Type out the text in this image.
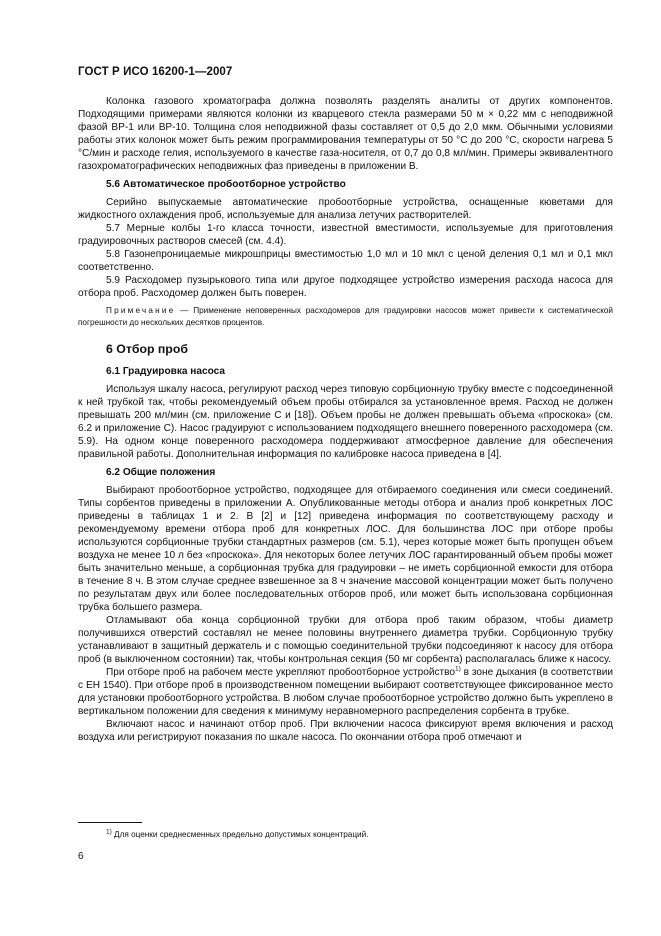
ГОСТ Р ИСО 16200-1—2007

Колонка газового хроматографа должна позволять разделять аналиты от других компонентов. Подходящими примерами являются колонки из кварцевого стекла размерами 50 м × 0,22 мм с неподвижной фазой BP-1 или BP-10. Толщина слоя неподвижной фазы составляет от 0,5 до 2,0 мкм. Обычными условиями работы этих колонок может быть режим программирования температуры от 50 °С до 200 °С, скорости нагрева 5 °С/мин и расходе гелия, используемого в качестве газа-носителя, от 0,7 до 0,8 мл/мин. Примеры эквивалентного газохроматографических неподвижных фаз приведены в приложении В.

5.6 Автоматическое пробоотборное устройство

Серийно выпускаемые автоматические пробоотборные устройства, оснащенные кюветами для жидкостного охлаждения проб, используемые для анализа летучих растворителей.

5.7 Мерные колбы 1-го класса точности, известной вместимости, используемые для приготовления градуировочных растворов смесей (см. 4.4).

5.8 Газонепроницаемые микрошприцы вместимостью 1,0 мл и 10 мкл с ценой деления 0,1 мл и 0,1 мкл соответственно.

5.9 Расходомер пузырькового типа или другое подходящее устройство измерения расхода насоса для отбора проб. Расходомер должен быть поверен.

Примечание — Применение неповеренных расходомеров для градуировки насосов может привести к систематической погрешности до нескольких десятков процентов.

6 Отбор проб

6.1 Градуировка насоса

Используя шкалу насоса, регулируют расход через типовую сорбционную трубку вместе с подсоединенной к ней трубкой так, чтобы рекомендуемый объем пробы отбирался за установленное время. Расход не должен превышать 200 мл/мин (см. приложение С и [18]). Объем пробы не должен превышать объема «проскока» (см. 6.2 и приложение С). Насос градуируют с использованием подходящего внешнего поверенного расходомера (см. 5.9). На одном конце поверенного расходомера поддерживают атмосферное давление для обеспечения правильной работы. Дополнительная информация по калибровке насоса приведена в [4].

6.2 Общие положения

Выбирают пробоотборное устройство, подходящее для отбираемого соединения или смеси соединений. Типы сорбентов приведены в приложении А. Опубликованные методы отбора и анализ проб конкретных ЛОС приведены в таблицах 1 и 2. В [2] и [12] приведена информация по соответствующему расходу и рекомендуемому времени отбора проб для конкретных ЛОС. Для большинства ЛОС при отборе пробы используются сорбционные трубки стандартных размеров (см. 5.1), через которые может быть пропущен объем воздуха не менее 10 л без «проскока». Для некоторых более летучих ЛОС гарантированный объем пробы может быть значительно меньше, а сорбционная трубка для градуировки – не иметь сорбционной емкости для отбора в течение 8 ч. В этом случае среднее взвешенное за 8 ч значение массовой концентрации может быть получено по результатам двух или более последовательных отборов проб, или может быть использована сорбционная трубка большего размера.

Отламывают оба конца сорбционной трубки для отбора проб таким образом, чтобы диаметр получившихся отверстий составлял не менее половины внутреннего диаметра трубки. Сорбционную трубку устанавливают в защитный держатель и с помощью соединительной трубки подсоединяют к насосу для отбора проб (в выключенном состоянии) так, чтобы контрольная секция (50 мг сорбента) располагалась ближе к насосу.

При отборе проб на рабочем месте укрепляют пробоотборное устройство$^{1)}$ в зоне дыхания (в соответствии с ЕН 1540). При отборе проб в производственном помещении выбирают соответствующее фиксированное место для установки пробоотборного устройства. В любом случае пробоотборное устройство должно быть укреплено в вертикальном положении для сведения к минимуму неравномерного распределения сорбента в трубке.

Включают насос и начинают отбор проб. При включении насоса фиксируют время включения и расход воздуха или регистрируют показания по шкале насоса. По окончании отбора проб отмечают и

$^{1)}$ Для оценки среднесменных предельно допустимых концентраций.
6
